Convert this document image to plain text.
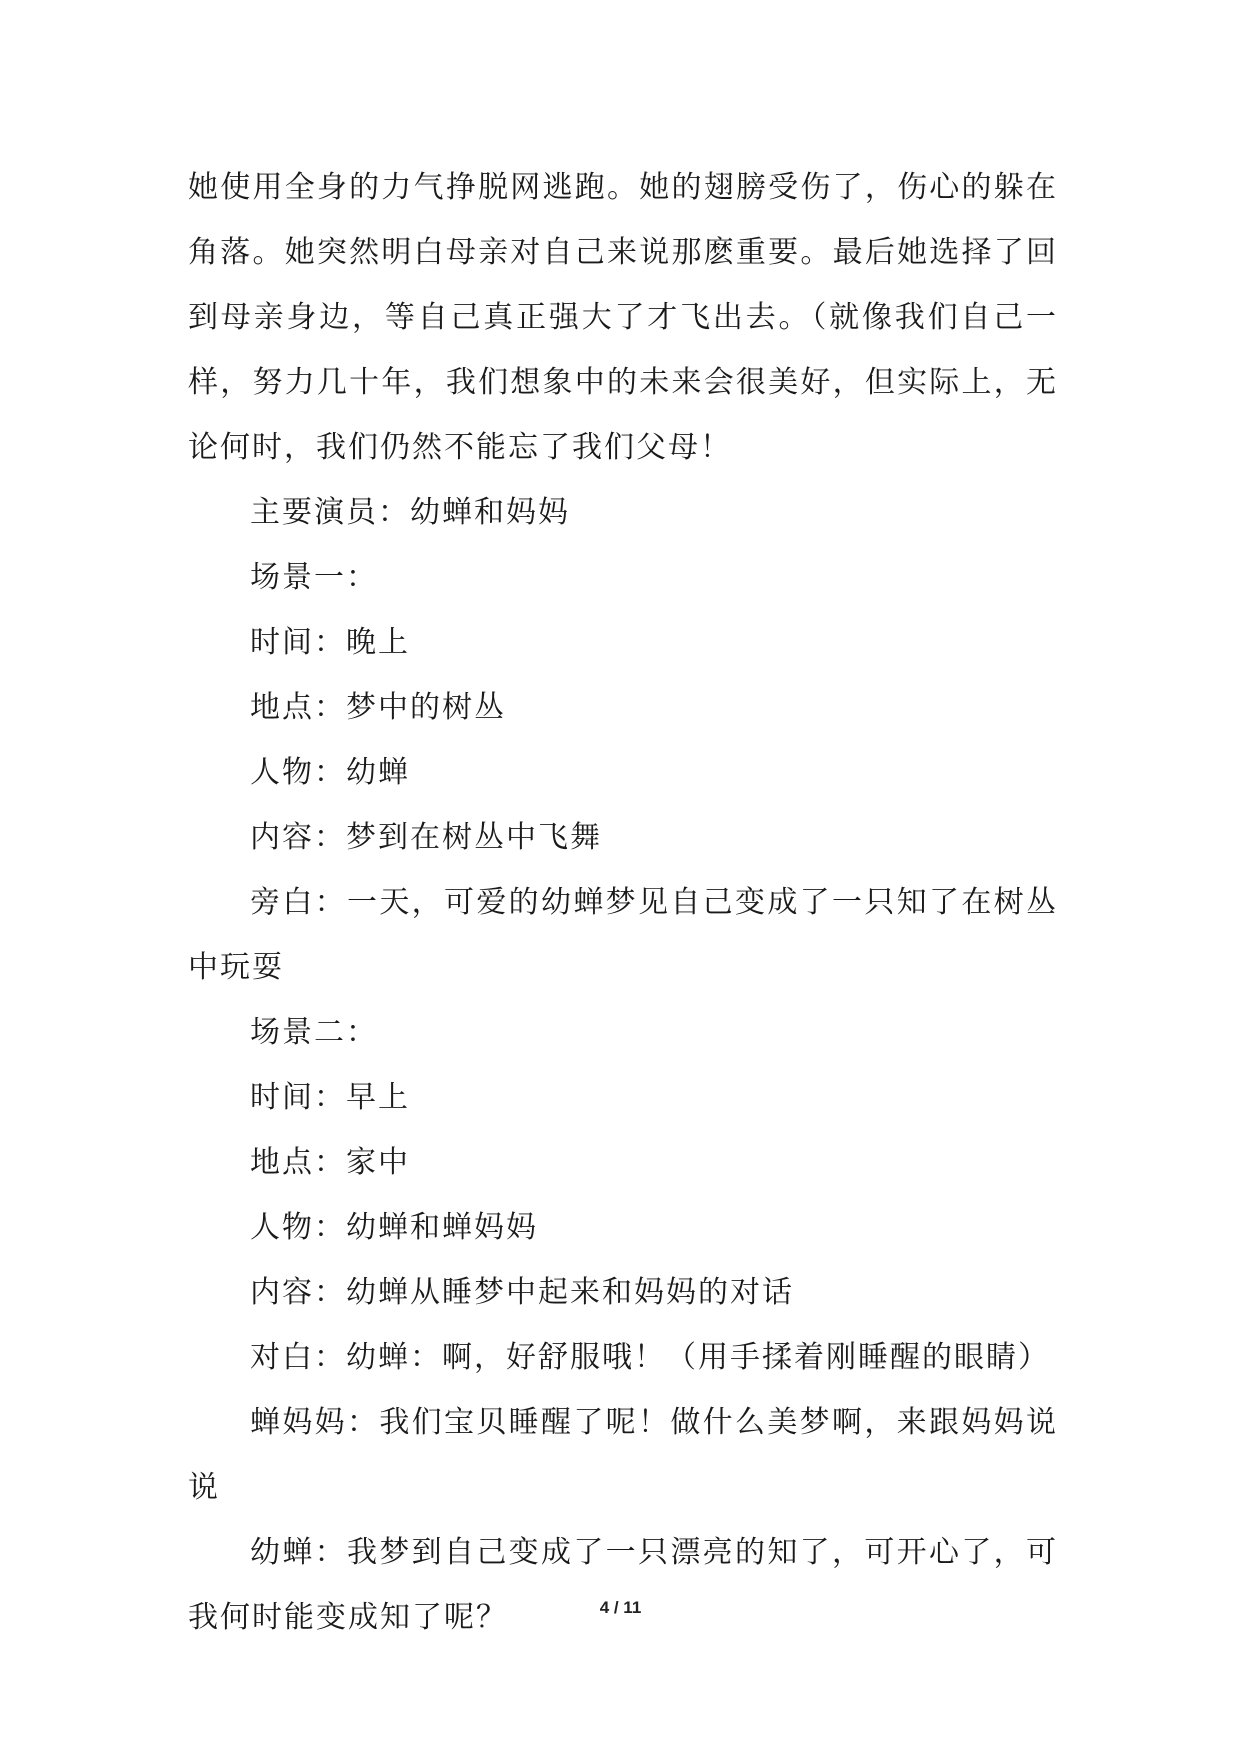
她使用全身的力气挣脱网逃跑。她的翅膀受伤了，伤心的躲在角落。她突然明白母亲对自己来说那麽重要。最后她选择了回到母亲身边，等自己真正强大了才飞出去。（就像我们自己一样，努力几十年，我们想象中的未来会很美好，但实际上，无论何时，我们仍然不能忘了我们父母！

主要演员：幼蝉和妈妈

场景一：

时间：晚上

地点：梦中的树丛

人物：幼蝉

内容：梦到在树丛中飞舞

旁白：一天，可爱的幼蝉梦见自己变成了一只知了在树丛中玩耍

场景二：

时间：早上

地点：家中

人物：幼蝉和蝉妈妈

内容：幼蝉从睡梦中起来和妈妈的对话

对白：幼蝉：啊，好舒服哦！（用手揉着刚睡醒的眼睛）

蝉妈妈：我们宝贝睡醒了呢！做什么美梦啊，来跟妈妈说说

幼蝉：我梦到自己变成了一只漂亮的知了，可开心了，可我何时能变成知了呢？	4 / 11
